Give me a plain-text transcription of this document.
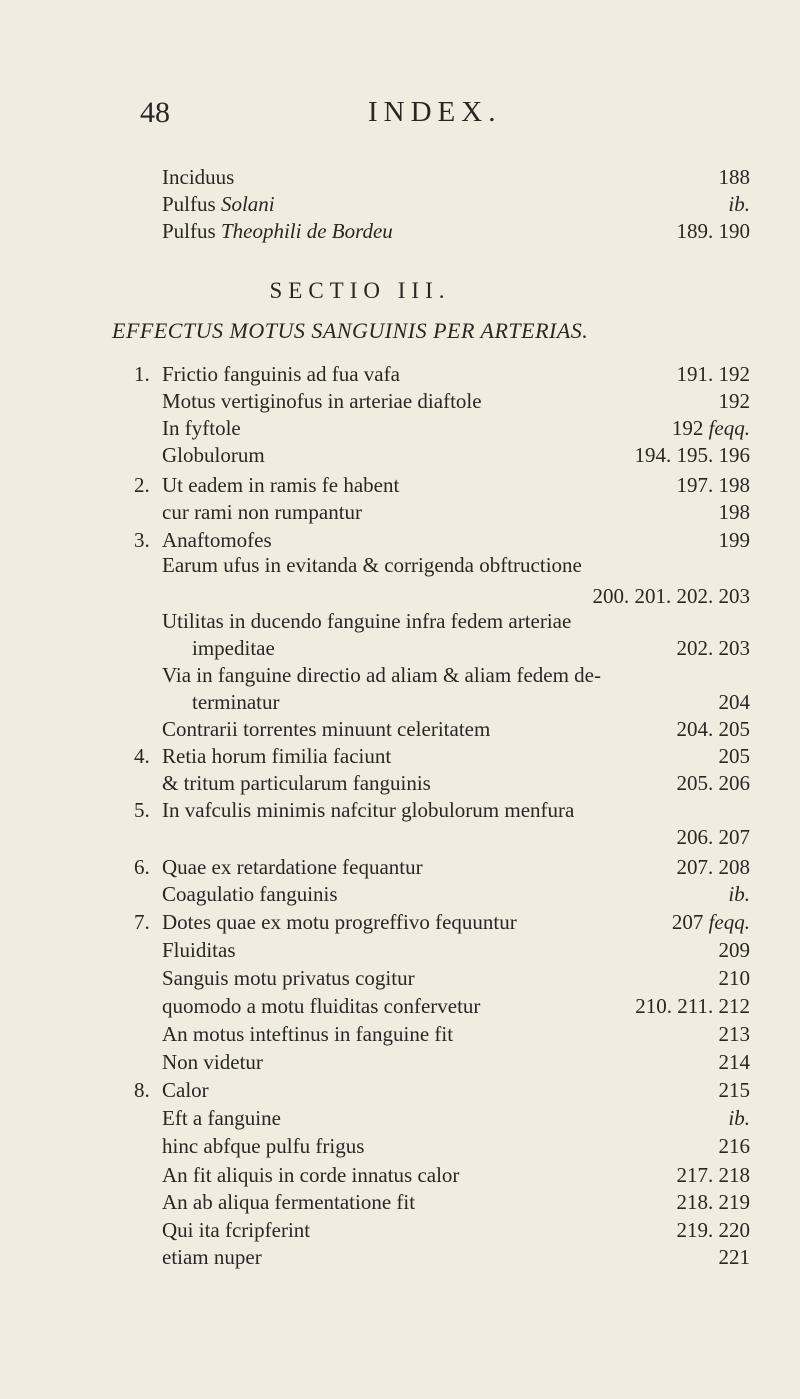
48	INDEX.
Inciduus	188
Pulfus Solani	ib.
Pulfus Theophili de Bordeu	189. 190
SECTIO III.
EFFECTUS MOTUS SANGUINIS PER ARTERIAS.
1. Frictio fanguinis ad fua vafa	191. 192
Motus vertiginofus in arteriae diaftole	192
In fyftole	192 feqq.
Globulorum	194. 195. 196
2. Ut eadem in ramis fe habent	197. 198
cur rami non rumpantur	198
3. Anaftomofes	199
Earum ufus in evitanda & corrigenda obftructione
200. 201. 202. 203
Utilitas in ducendo fanguine infra fedem arteriae
impeditae	202. 203
Via in fanguine directio ad aliam & aliam fedem de-
terminatur	204
Contrarii torrentes minuunt celeritatem	204. 205
4. Retia horum fimilia faciunt	205
& tritum particularum fanguinis	205. 206
5. In vafculis minimis nafcitur globulorum menfura
206. 207
6. Quae ex retardatione fequantur	207. 208
Coagulatio fanguinis	ib.
7. Dotes quae ex motu progreffivo fequuntur	207 feqq.
Fluiditas	209
Sanguis motu privatus cogitur	210
quomodo a motu fluiditas confervetur	210. 211. 212
An motus inteftinus in fanguine fit	213
Non videtur	214
8. Calor	215
Eft a fanguine	ib.
hinc abfque pulfu frigus	216
An fit aliquis in corde innatus calor	217. 218
An ab aliqua fermentatione fit	218. 219
Qui ita fcripferint	219. 220
etiam nuper	221
